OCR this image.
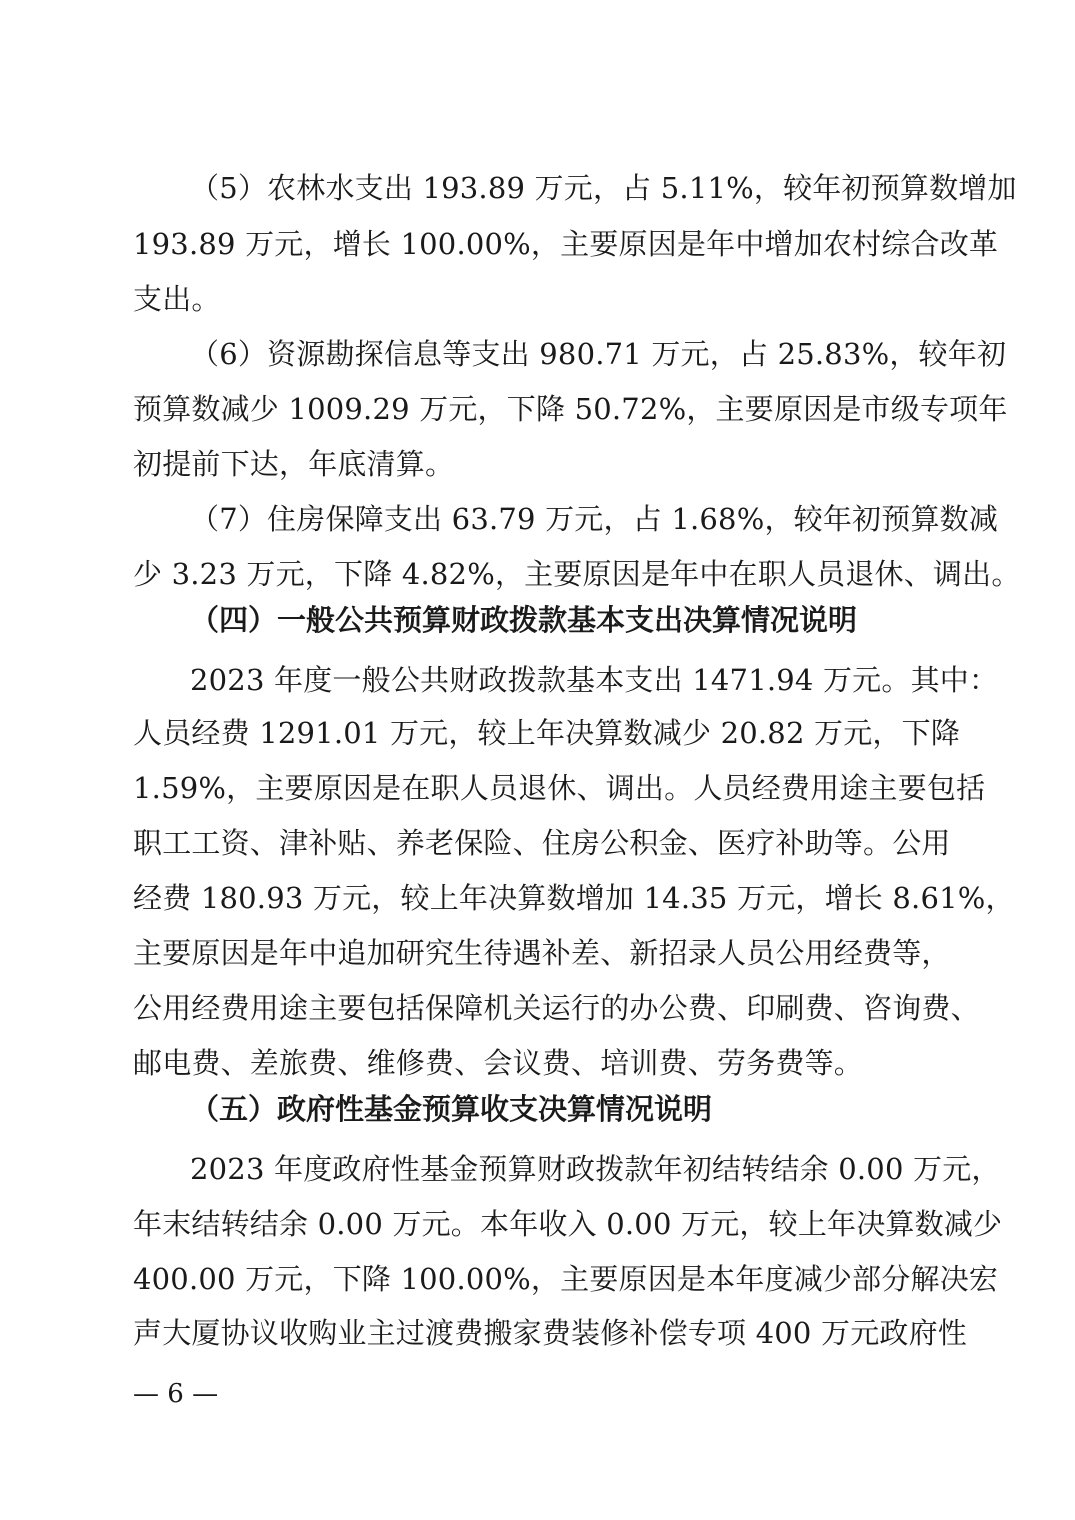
（5）农林水支出 193.89 万元，占 5.11%，较年初预算数增加
193.89 万元，增长 100.00%，主要原因是年中增加农村综合改革
支出。
（6）资源勘探信息等支出 980.71 万元，占 25.83%，较年初
预算数减少 1009.29 万元，下降 50.72%，主要原因是市级专项年
初提前下达，年底清算。
（7）住房保障支出 63.79 万元，占 1.68%，较年初预算数减
少 3.23 万元，下降 4.82%，主要原因是年中在职人员退休、调出。
（四）一般公共预算财政拨款基本支出决算情况说明
2023 年度一般公共财政拨款基本支出 1471.94 万元。其中：
人员经费 1291.01 万元，较上年决算数减少 20.82 万元，下降
1.59%，主要原因是在职人员退休、调出。人员经费用途主要包括
职工工资、津补贴、养老保险、住房公积金、医疗补助等。公用
经费 180.93 万元，较上年决算数增加 14.35 万元，增长 8.61%，
主要原因是年中追加研究生待遇补差、新招录人员公用经费等，
公用经费用途主要包括保障机关运行的办公费、印刷费、咨询费、
邮电费、差旅费、维修费、会议费、培训费、劳务费等。
（五）政府性基金预算收支决算情况说明
2023 年度政府性基金预算财政拨款年初结转结余 0.00 万元，
年末结转结余 0.00 万元。本年收入 0.00 万元，较上年决算数减少
400.00 万元，下降 100.00%，主要原因是本年度减少部分解决宏
声大厦协议收购业主过渡费搬家费装修补偿专项 400 万元政府性
— 6 —
